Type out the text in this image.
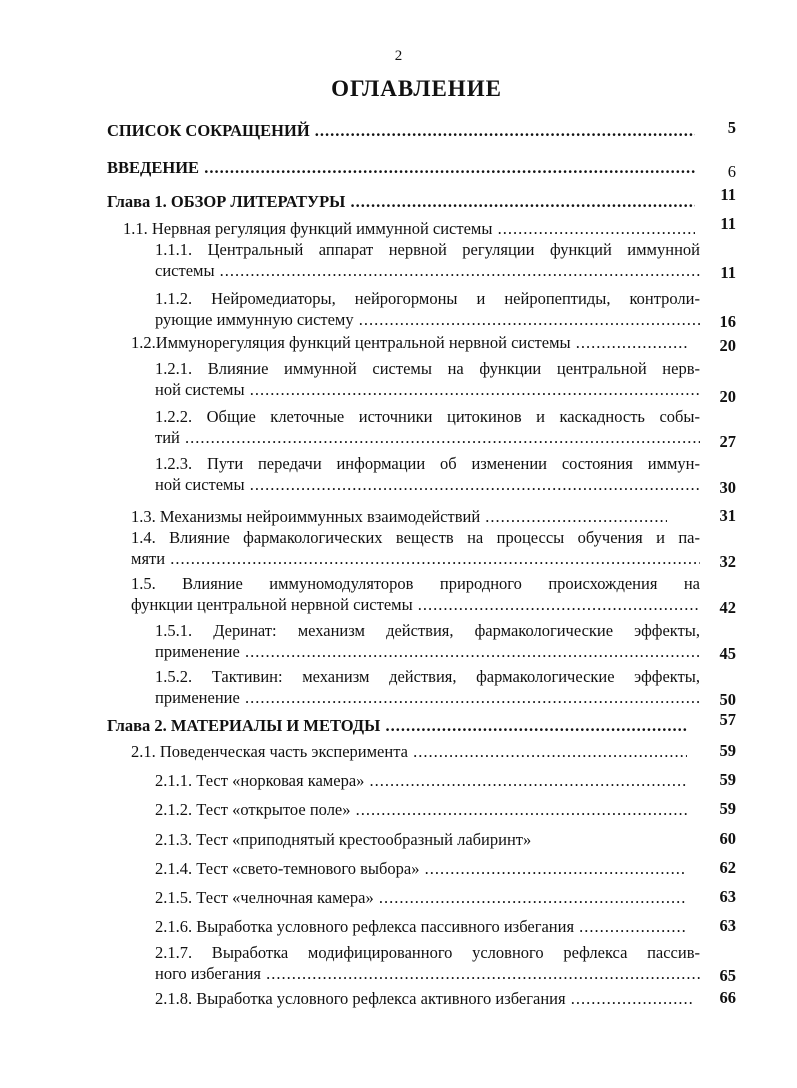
2
ОГЛАВЛЕНИЕ
СПИСОК СОКРАЩЕНИЙ .....	5
ВВЕДЕНИЕ .....	6
Глава 1. ОБЗОР ЛИТЕРАТУРЫ .....	11
1.1. Нервная регуляция функций иммунной системы .....	11
1.1.1. Центральный аппарат нервной регуляции функций иммунной
системы .....	11
1.1.2. Нейромедиаторы, нейрогормоны и нейропептиды, контроли-
рующие иммунную систему .....	16
1.2.Иммунорегуляция функций центральной нервной системы .....	20
1.2.1. Влияние иммунной системы на функции центральной нерв-
ной системы .....	20
1.2.2. Общие клеточные источники цитокинов и каскадность собы-
тий .....	27
1.2.3. Пути передачи информации об изменении состояния иммун-
ной системы .....	30
1.3. Механизмы нейроиммунных взаимодействий .....	31
1.4. Влияние фармакологических веществ на процессы обучения и па-
мяти .....	32
1.5. Влияние иммуномодуляторов природного происхождения на
функции центральной нервной системы .....	42
1.5.1. Деринат: механизм действия, фармакологические эффекты,
применение .....	45
1.5.2. Тактивин: механизм действия, фармакологические эффекты,
применение .....	50
Глава 2. МАТЕРИАЛЫ И МЕТОДЫ .....	57
2.1. Поведенческая часть эксперимента .....	59
2.1.1. Тест «норковая камера» .....	59
2.1.2. Тест «открытое поле» .....	59
2.1.3. Тест «приподнятый крестообразный лабиринт»	60
2.1.4. Тест «свето-темнового выбора» .....	62
2.1.5. Тест «челночная камера» .....	63
2.1.6. Выработка условного рефлекса пассивного избегания .....	63
2.1.7. Выработка модифицированного условного рефлекса пассив-
ного избегания .....	65
2.1.8. Выработка условного рефлекса активного избегания .....	66
